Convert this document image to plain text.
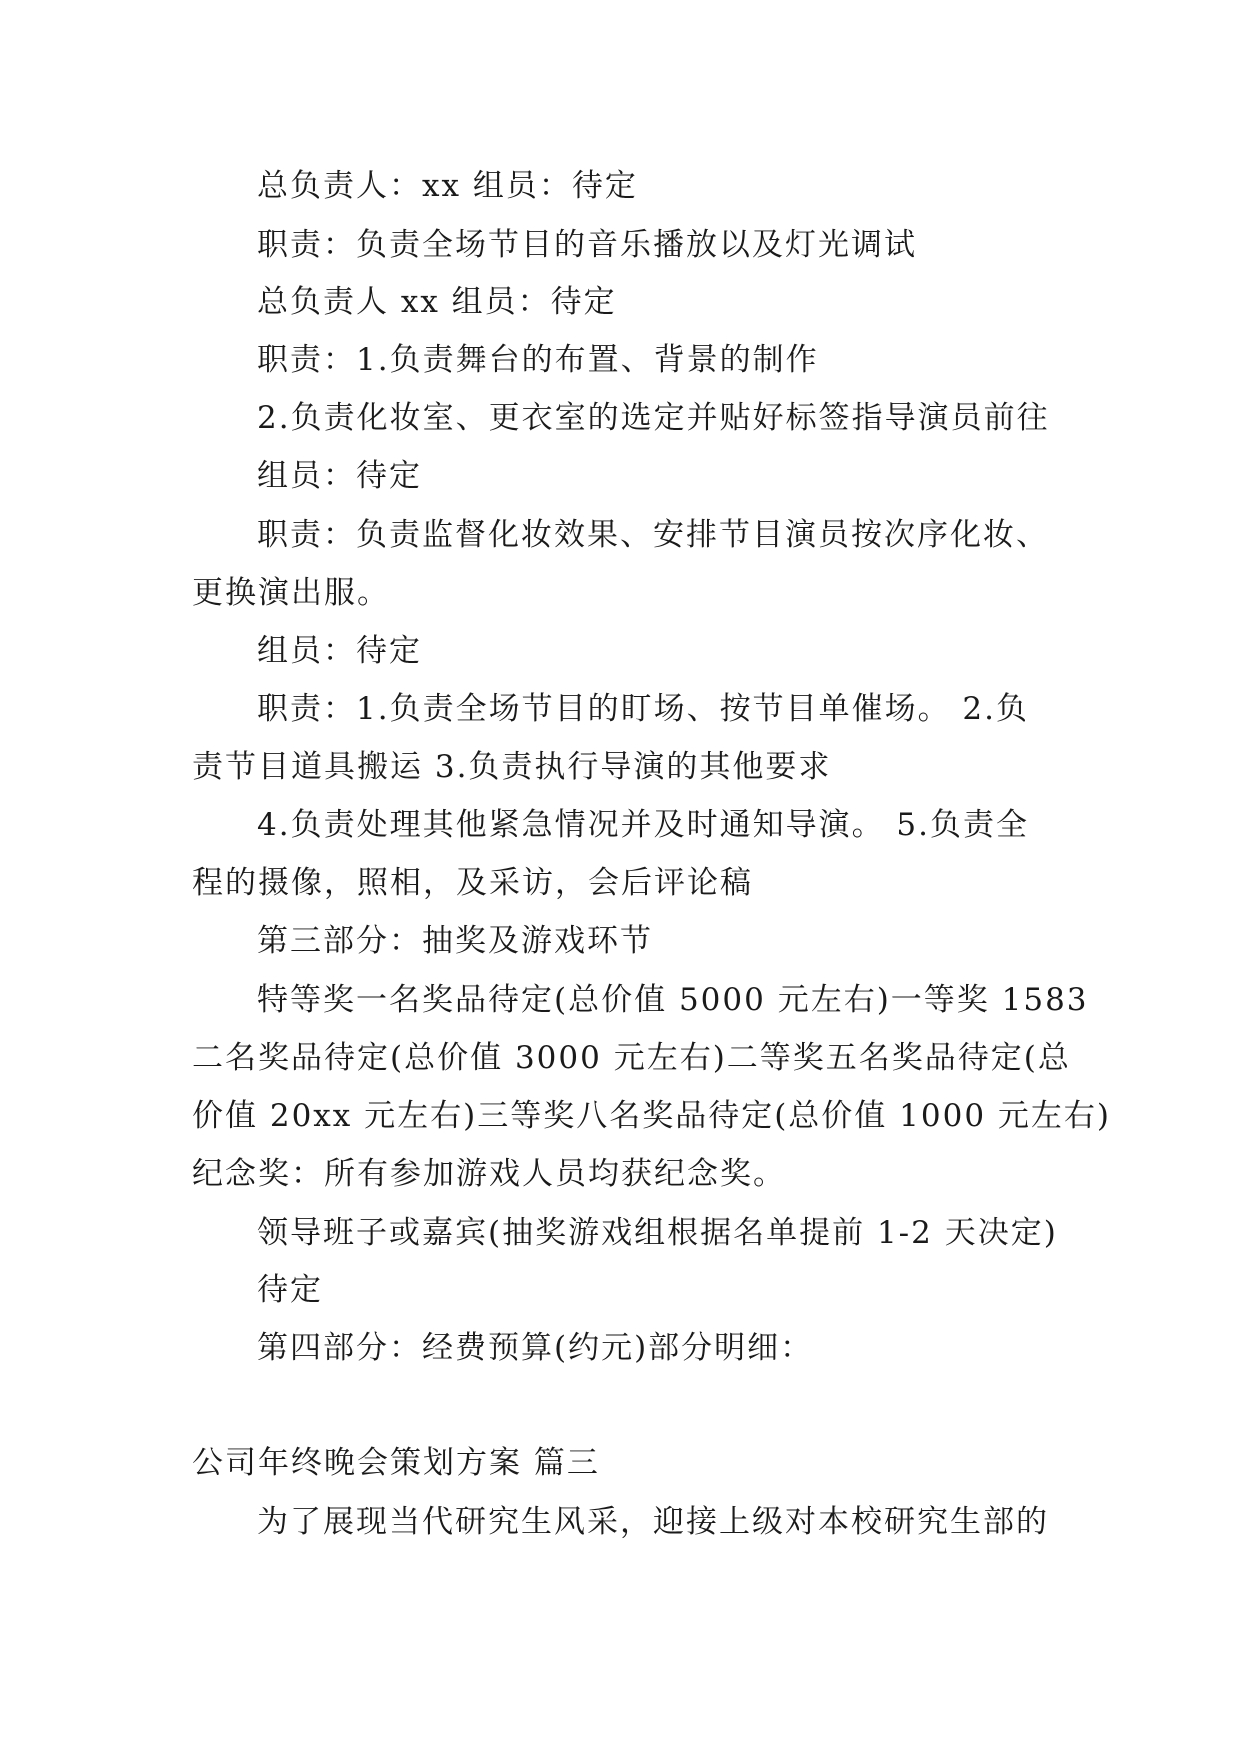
总负责人：xx 组员：待定
职责：负责全场节目的音乐播放以及灯光调试
总负责人 xx 组员：待定
职责：1.负责舞台的布置、背景的制作
2.负责化妆室、更衣室的选定并贴好标签指导演员前往
组员：待定
职责：负责监督化妆效果、安排节目演员按次序化妆、
更换演出服。
组员：待定
职责：1.负责全场节目的盯场、按节目单催场。 2.负
责节目道具搬运 3.负责执行导演的其他要求
4.负责处理其他紧急情况并及时通知导演。 5.负责全
程的摄像，照相，及采访，会后评论稿
第三部分：抽奖及游戏环节
特等奖一名奖品待定(总价值 5000 元左右)一等奖 1583
二名奖品待定(总价值 3000 元左右)二等奖五名奖品待定(总
价值 20xx 元左右)三等奖八名奖品待定(总价值 1000 元左右)
纪念奖：所有参加游戏人员均获纪念奖。
领导班子或嘉宾(抽奖游戏组根据名单提前 1-2 天决定)
待定
第四部分：经费预算(约元)部分明细：
公司年终晚会策划方案 篇三
为了展现当代研究生风采，迎接上级对本校研究生部的
